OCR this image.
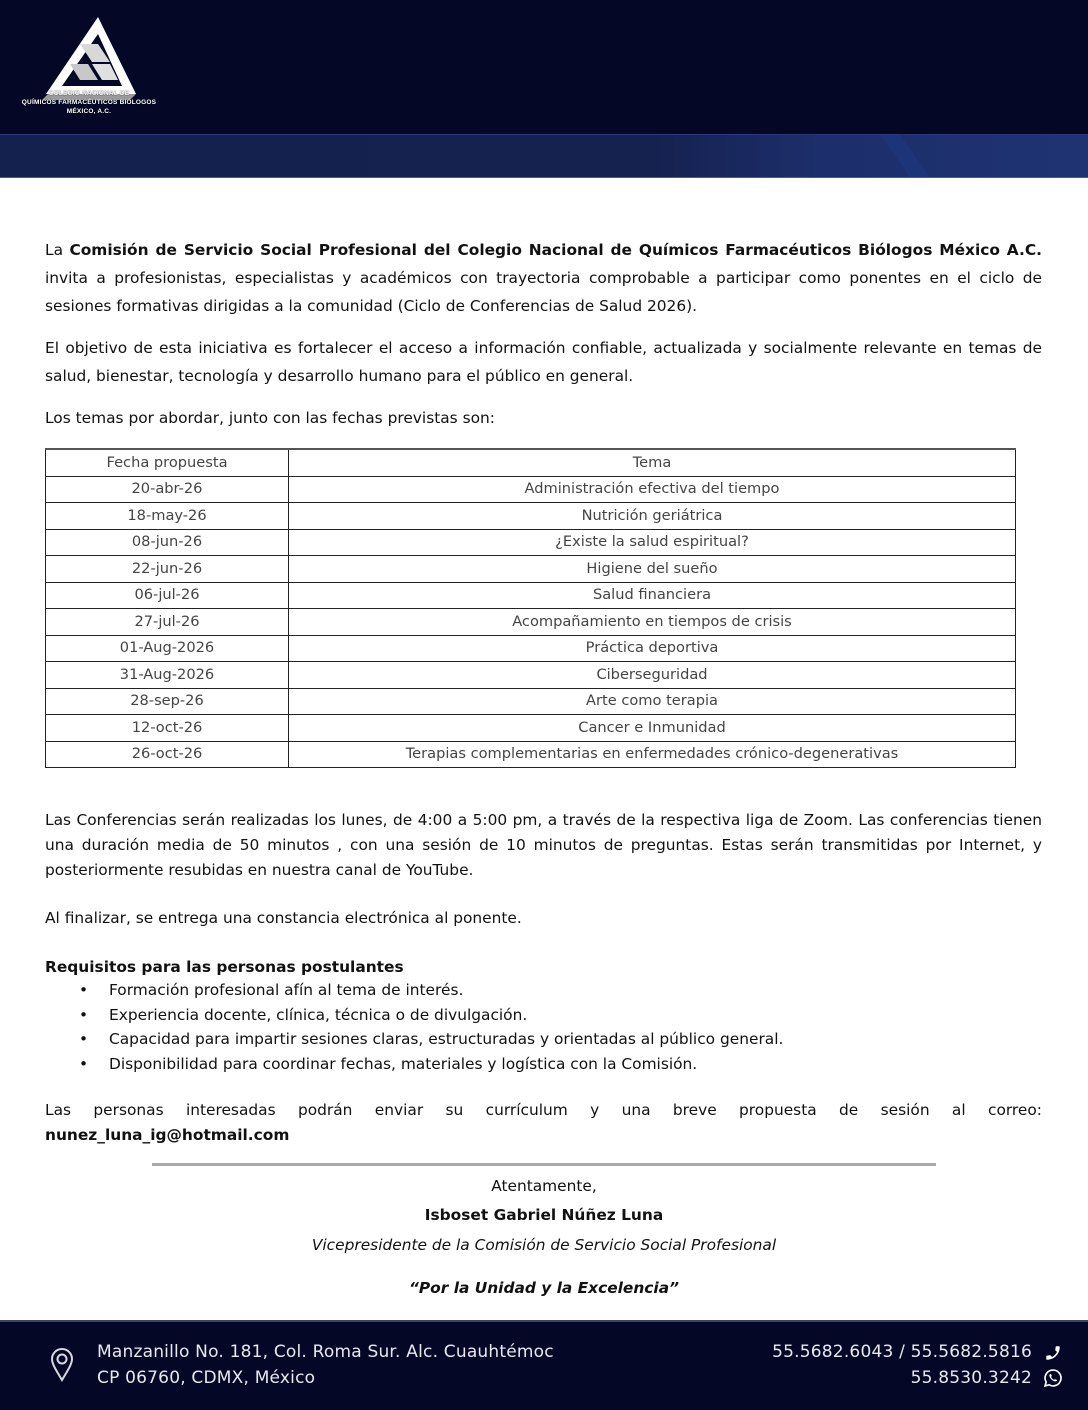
COLEGIO NACIONAL DE
QUÍMICOS FARMACÉUTICOS BIÓLOGOS
MÉXICO, A.C.

La Comisión de Servicio Social Profesional del Colegio Nacional de Químicos Farmacéuticos Biólogos México A.C. invita a profesionistas, especialistas y académicos con trayectoria comprobable a participar como ponentes en el ciclo de sesiones formativas dirigidas a la comunidad (Ciclo de Conferencias de Salud 2026).

El objetivo de esta iniciativa es fortalecer el acceso a información confiable, actualizada y socialmente relevante en temas de salud, bienestar, tecnología y desarrollo humano para el público en general.

Los temas por abordar, junto con las fechas previstas son:

Fecha propuesta	Tema
20-abr-26	Administración efectiva del tiempo
18-may-26	Nutrición geriátrica
08-jun-26	¿Existe la salud espiritual?
22-jun-26	Higiene del sueño
06-jul-26	Salud financiera
27-jul-26	Acompañamiento en tiempos de crisis
01-Aug-2026	Práctica deportiva
31-Aug-2026	Ciberseguridad
28-sep-26	Arte como terapia
12-oct-26	Cancer e Inmunidad
26-oct-26	Terapias complementarias en enfermedades crónico-degenerativas

Las Conferencias serán realizadas los lunes, de 4:00 a 5:00 pm, a través de la respectiva liga de Zoom. Las conferencias tienen una duración media de 50 minutos , con una sesión de 10 minutos de preguntas. Estas serán transmitidas por Internet, y posteriormente resubidas en nuestra canal de YouTube.

Al finalizar, se entrega una constancia electrónica al ponente.

Requisitos para las personas postulantes
• Formación profesional afín al tema de interés.
• Experiencia docente, clínica, técnica o de divulgación.
• Capacidad para impartir sesiones claras, estructuradas y orientadas al público general.
• Disponibilidad para coordinar fechas, materiales y logística con la Comisión.

Las personas interesadas podrán enviar su currículum y una breve propuesta de sesión al correo:

nunez_luna_ig@hotmail.com
Atentamente,
Isboset Gabriel Núñez Luna
Vicepresidente de la Comisión de Servicio Social Profesional
“Por la Unidad y la Excelencia”
Manzanillo No. 181, Col. Roma Sur. Alc. Cuauhtémoc
CP 06760, CDMX, México
55.5682.6043 / 55.5682.5816
55.8530.3242
